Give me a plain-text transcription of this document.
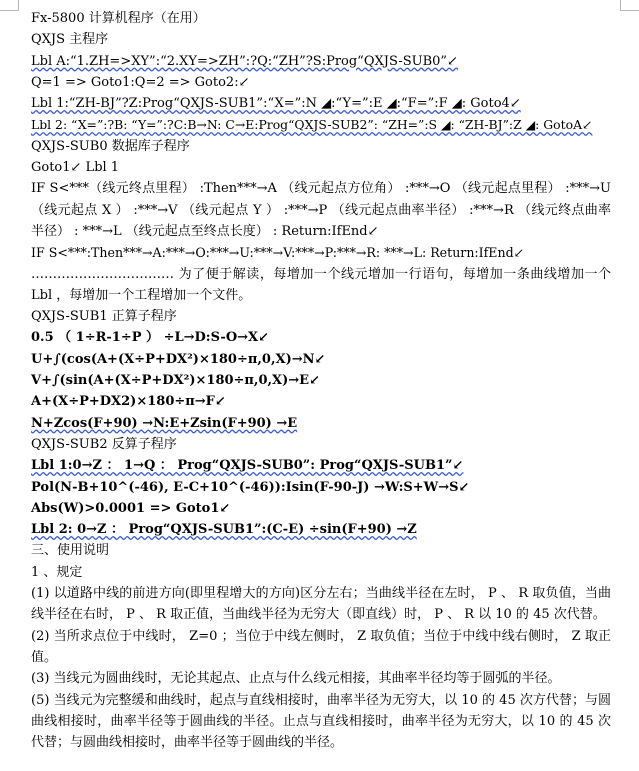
Fx-5800 计算机程序（在用）
QXJS 主程序
Lbl A:“1.ZH=>XY”:“2.XY=>ZH”:?Q:“ZH”?S:Prog“QXJS-SUB0”↙
Q=1 => Goto1:Q=2 => Goto2:↙
Lbl 1:“ZH-BJ”?Z:Prog“QXJS-SUB1”:“X=”:N ◢:“Y=”:E ◢:“F=”:F ◢: Goto4↙
Lbl 2: “X=”:?B: “Y=”:?C:B→N: C→E:Prog“QXJS-SUB2”: “ZH=”:S ◢: “ZH-BJ”:Z ◢: GotoA↙
QXJS-SUB0 数据库子程序
Goto1↙ Lbl 1
IF S<***（线元终点里程） :Then***→A （线元起点方位角） :***→O （线元起点里程） :***→U （线元起点 X ） :***→V （线元起点 Y ） :***→P （线元起点曲率半径） :***→R （线元终点曲率半径） : ***→L （线元起点至终点长度） : Return:IfEnd↙
IF S<***:Then***→A:***→O:***→U:***→V:***→P:***→R: ***→L: Return:IfEnd↙
…………………………… 为了便于解读，每增加一个线元增加一行语句，每增加一条曲线增加一个 Lbl ，每增加一个工程增加一个文件。
QXJS-SUB1 正算子程序
0.5 （ 1÷R-1÷P ） ÷L→D:S-O→X↙
U+∫(cos(A+(X÷P+DX²)×180÷π,0,X)→N↙
V+∫(sin(A+(X÷P+DX²)×180÷π,0,X)→E↙
A+(X÷P+DX2)×180÷π→F↙
N+Zcos(F+90) →N:E+Zsin(F+90) →E
QXJS-SUB2 反算子程序
Lbl 1:0→Z ： 1→Q ： Prog“QXJS-SUB0”: Prog“QXJS-SUB1”↙
Pol(N-B+10^(-46), E-C+10^(-46)):Isin(F-90-J) →W:S+W→S↙
Abs(W)>0.0001 => Goto1↙
Lbl 2: 0→Z ： Prog“QXJS-SUB1”:(C-E) ÷sin(F+90) →Z
三、使用说明
1 、规定
(1) 以道路中线的前进方向(即里程增大的方向)区分左右；当曲线半径在左时， P 、 R 取负值，当曲线半径在右时， P 、 R 取正值，当曲线半径为无穷大（即直线）时， P 、 R 以 10 的 45 次代替。
(2) 当所求点位于中线时， Z=0 ；当位于中线左侧时， Z 取负值；当位于中线中线右侧时， Z 取正值。
(3) 当线元为圆曲线时，无论其起点、止点与什么线元相接，其曲率半径均等于圆弧的半径。
(5) 当线元为完整缓和曲线时，起点与直线相接时，曲率半径为无穷大，以 10 的 45 次方代替；与圆曲线相接时，曲率半径等于圆曲线的半径。止点与直线相接时，曲率半径为无穷大，以 10 的 45 次代替；与圆曲线相接时，曲率半径等于圆曲线的半径。
